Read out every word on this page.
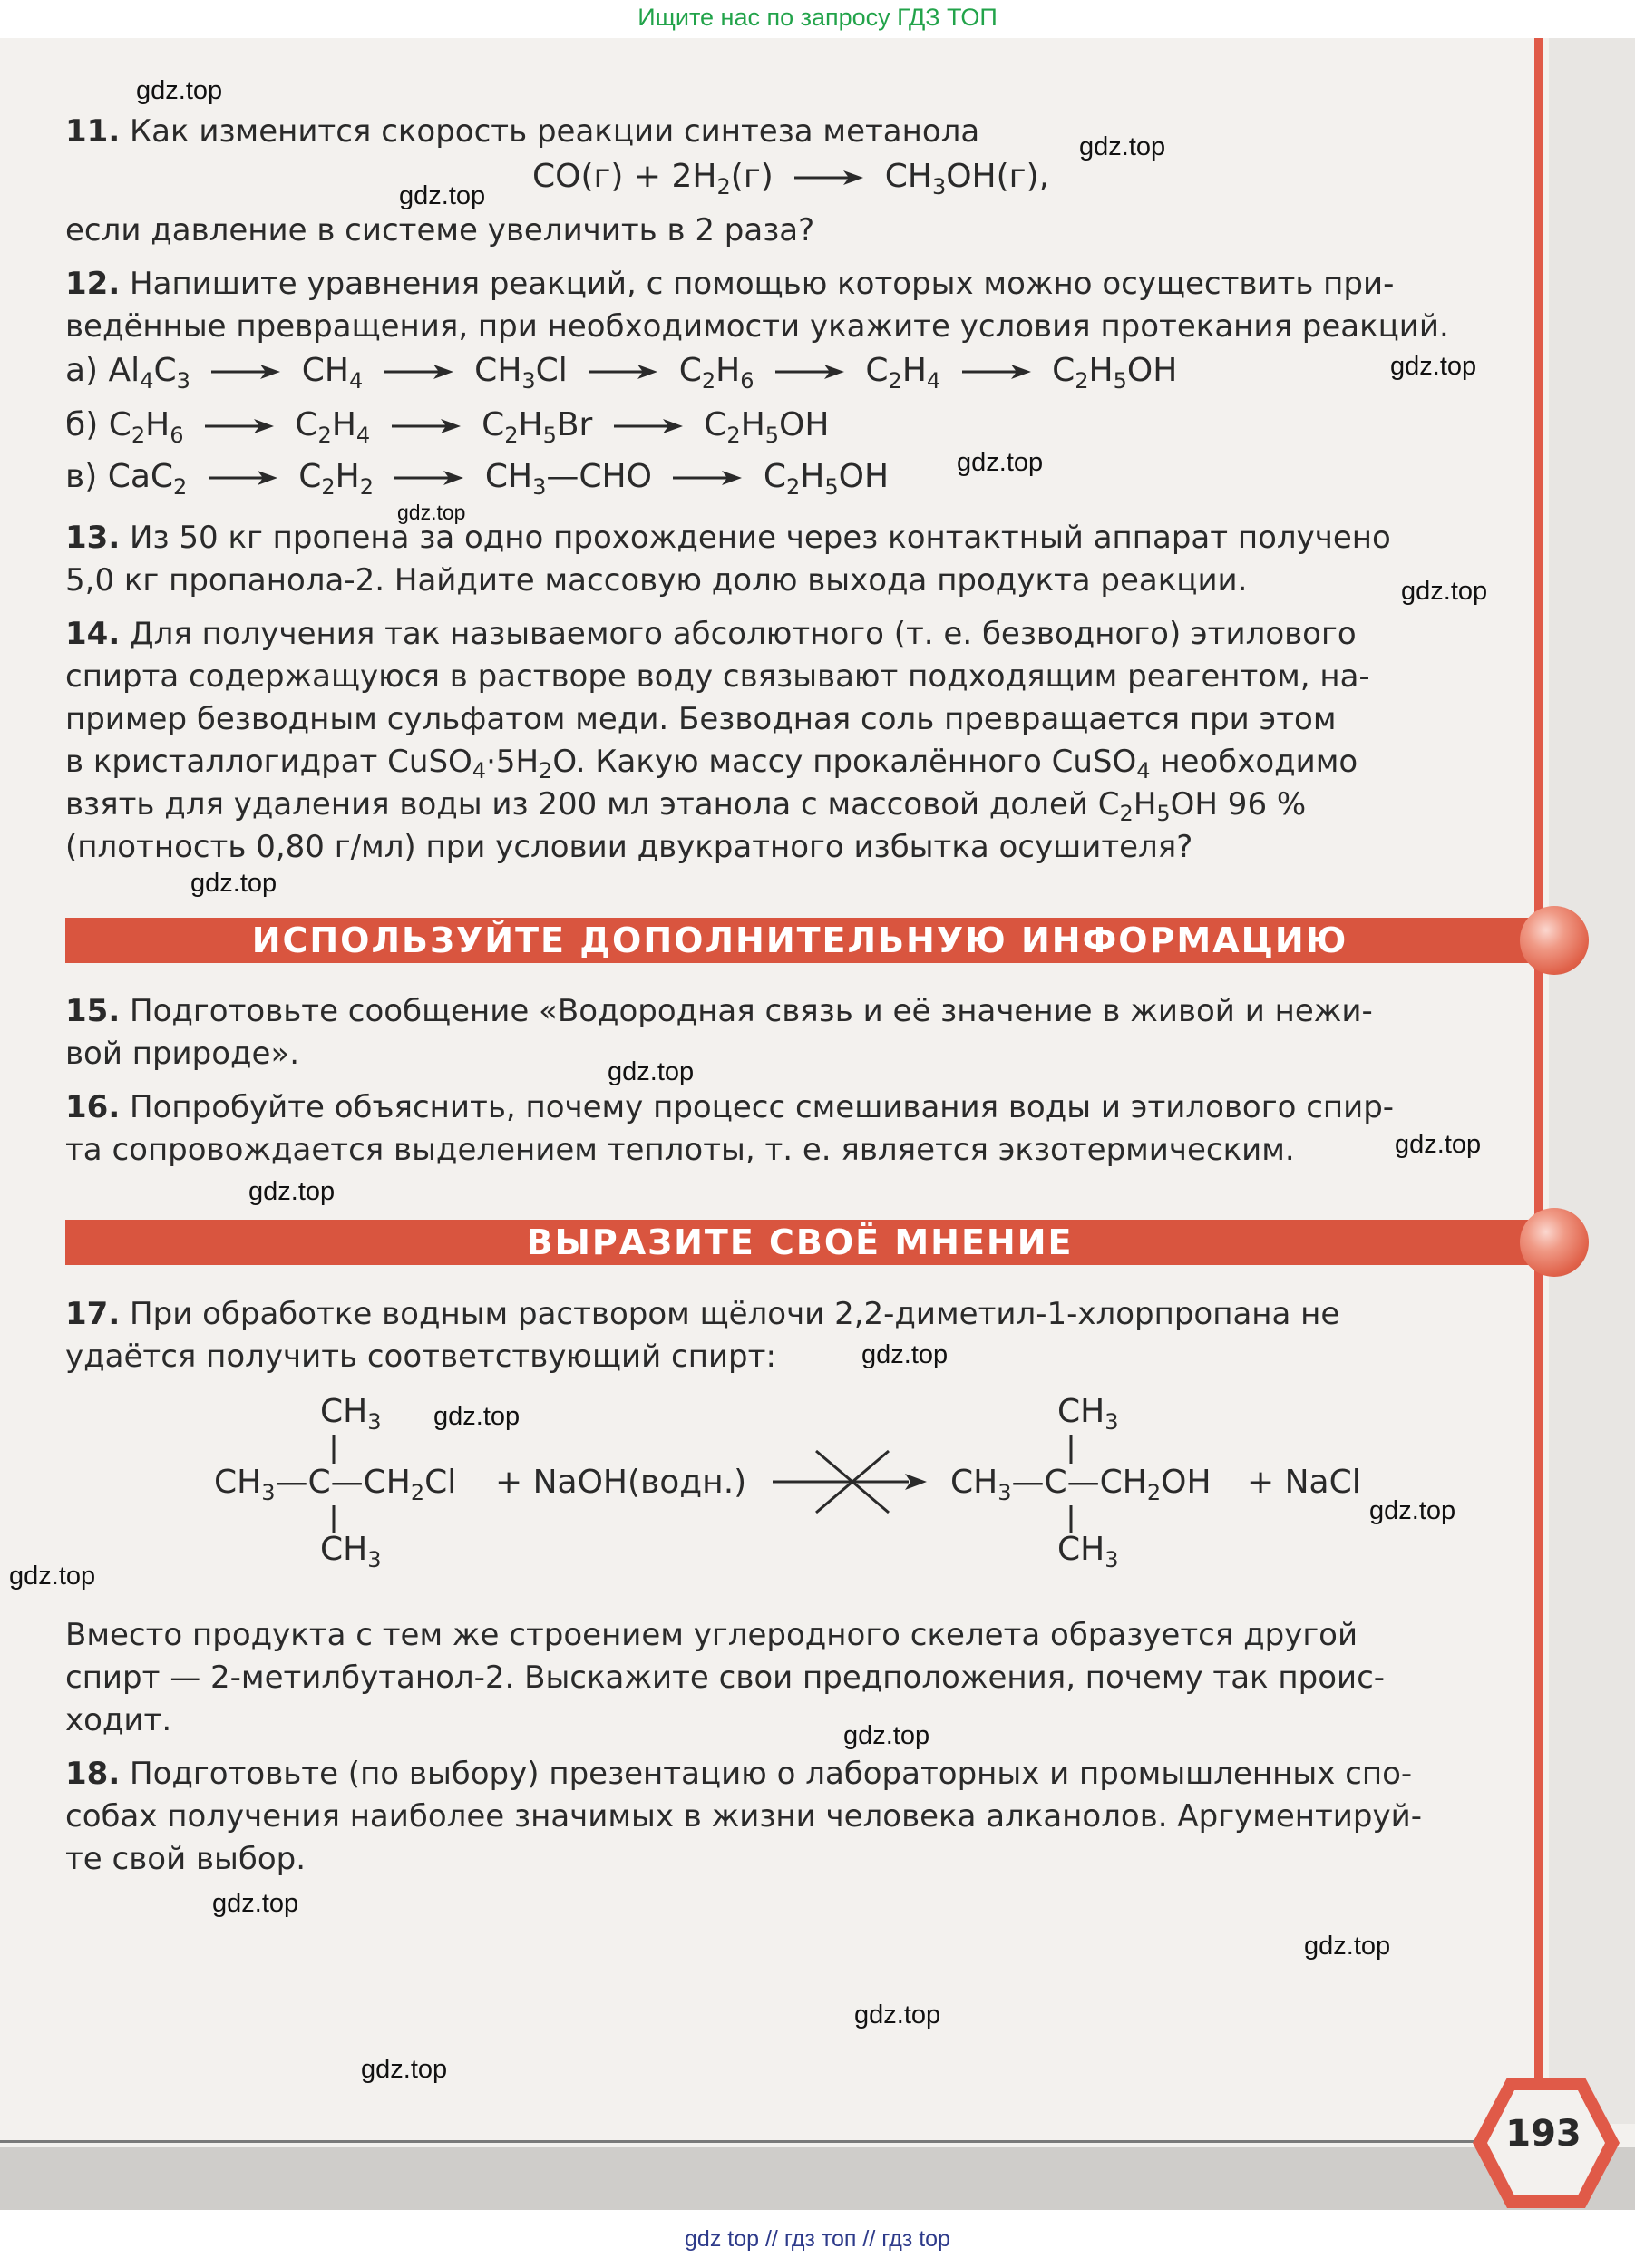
Ищите нас по запросу ГДЗ ТОП
gdz.top
gdz.top
gdz.top
gdz.top
gdz.top
gdz.top
gdz.top
gdz.top
gdz.top
gdz.top
gdz.top
gdz.top
gdz.top
gdz.top
gdz.top
gdz.top
gdz.top
gdz.top
gdz.top
gdz.top
11. Как изменится скорость реакции синтеза метанола
$CO(г) + 2H_2(г) \to CH_3OH(г)$,
если давление в системе увеличить в 2 раза?
12. Напишите уравнения реакций, с помощью которых можно осуществить при-
ведённые превращения, при необходимости укажите условия протекания реакций.
а) $Al_4C_3 \to CH_4 \to CH_3Cl \to C_2H_6 \to C_2H_4 \to C_2H_5OH$
б) $C_2H_6 \to C_2H_4 \to C_2H_5Br \to C_2H_5OH$
в) $CaC_2 \to C_2H_2$ → $CH_3—CHO \to C_2H_5OH$
13. Из 50 кг пропена за одно прохождение через контактный аппарат получено
5,0 кг пропанола-2. Найдите массовую долю выхода продукта реакции.
14. Для получения так называемого абсолютного (т. е. безводного) этилового
спирта содержащуюся в растворе воду связывают подходящим реагентом, на-
пример безводным сульфатом меди. Безводная соль превращается при этом
в кристаллогидрат $CuSO_4\cdot 5H_2O$. Какую массу прокалённого CuSO$_4$ необходимо
взять для удаления воды из 200 мл этанола с массовой долей $C_2H_5OH$ 96 %
(плотность 0,80 г/мл) при условии двукратного избытка осушителя?
ИСПОЛЬЗУЙТЕ ДОПОЛНИТЕЛЬНУЮ ИНФОРМАЦИЮ
15. Подготовьте сообщение «Водородная связь и её значение в живой и нежи-
вой природе».
16. Попробуйте объяснить, почему процесс смешивания воды и этилового спир-
та сопровождается выделением теплоты, т. е. является экзотермическим.
ВЫРАЗИТЕ СВОЁ МНЕНИЕ
17. При обработке водным раствором щёлочи 2,2-диметил-1-хлорпропана не
удаётся получить соответствующий спирт:
$CH_3$
$CH_3—C—CH_2Cl$ + NaOH(водн.)
$CH_3$
$CH_3$
$CH_3—C—CH_2OH$ + NaCl
$CH_3$
Вместо продукта с тем же строением углеродного скелета образуется другой
спирт — 2-метилбутанол-2. Выскажите свои предположения, почему так проис-
ходит.
18. Подготовьте (по выбору) презентацию о лабораторных и промышленных спо-
собах получения наиболее значимых в жизни человека алканолов. Аргументируй-
те свой выбор.
193
gdz top // гдз топ // гдз top
